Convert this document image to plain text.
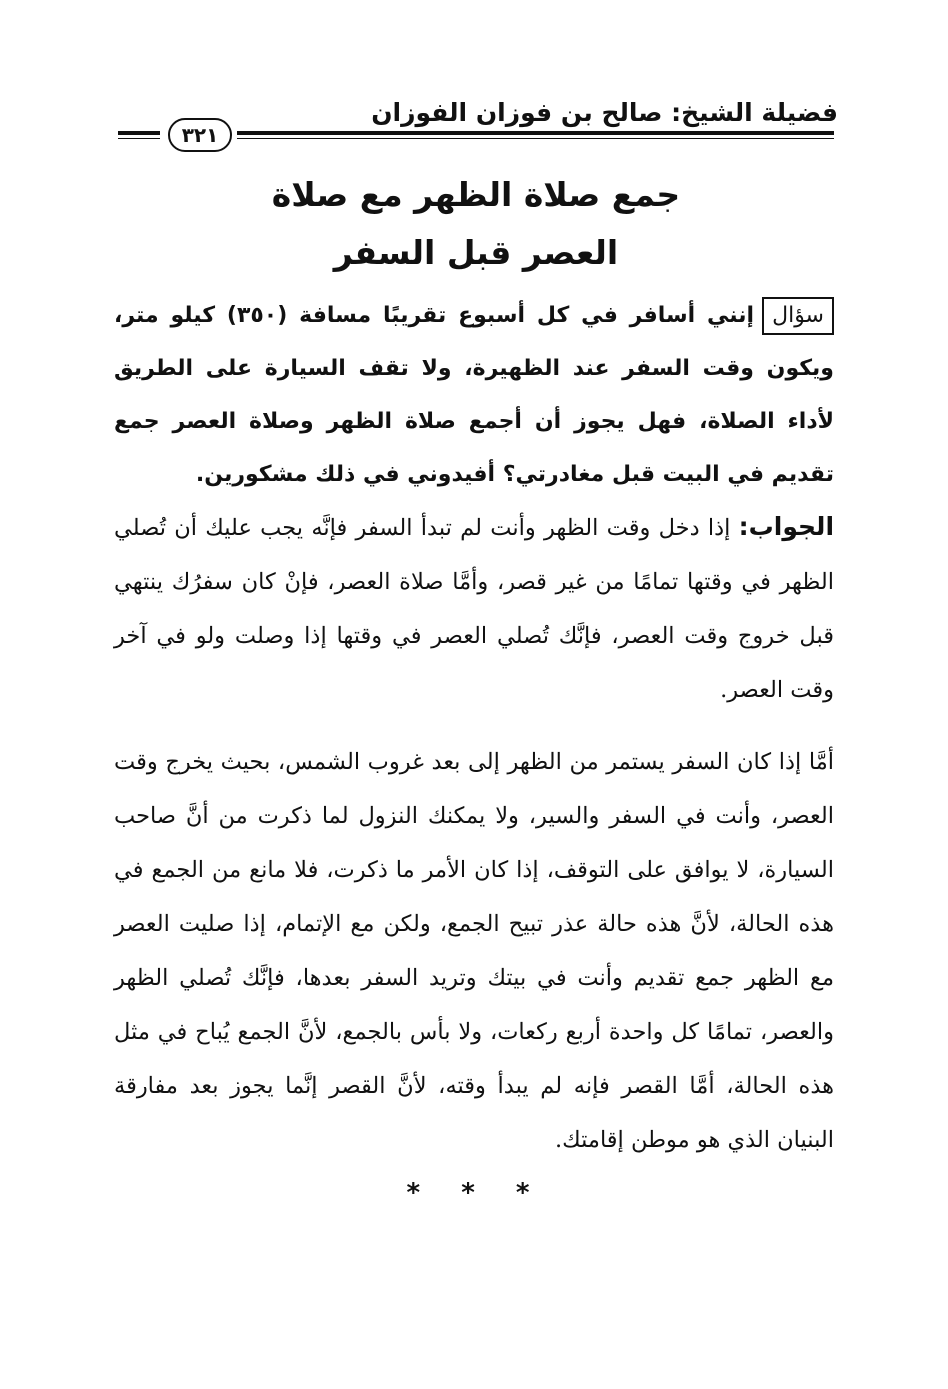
فضيلة الشيخ: صالح بن فوزان الفوزان
٣٢١
جمع صلاة الظهر مع صلاة
العصر قبل السفر
سؤالإنني أسافر في كل أسبوع تقريبًا مسافة (٣٥٠) كيلو متر، ويكون وقت السفر عند الظهيرة، ولا تقف السيارة على الطريق لأداء الصلاة، فهل يجوز أن أجمع صلاة الظهر وصلاة العصر جمع تقديم في البيت قبل مغادرتي؟ أفيدوني في ذلك مشكورين.

الجواب: إذا دخل وقت الظهر وأنت لم تبدأ السفر فإنَّه يجب عليك أن تُصلي الظهر في وقتها تمامًا من غير قصر، وأمَّا صلاة العصر، فإنْ كان سفرُك ينتهي قبل خروج وقت العصر، فإنَّك تُصلي العصر في وقتها إذا وصلت ولو في آخر وقت العصر.

أمَّا إذا كان السفر يستمر من الظهر إلى بعد غروب الشمس، بحيث يخرج وقت العصر، وأنت في السفر والسير، ولا يمكنك النزول لما ذكرت من أنَّ صاحب السيارة، لا يوافق على التوقف، إذا كان الأمر ما ذكرت، فلا مانع من الجمع في هذه الحالة، لأنَّ هذه حالة عذر تبيح الجمع، ولكن مع الإتمام، إذا صليت العصر مع الظهر جمع تقديم وأنت في بيتك وتريد السفر بعدها، فإنَّك تُصلي الظهر والعصر، تمامًا كل واحدة أربع ركعات، ولا بأس بالجمع، لأنَّ الجمع يُباح في مثل هذه الحالة، أمَّا القصر فإنه لم يبدأ وقته، لأنَّ القصر إنَّما يجوز بعد مفارقة البنيان الذي هو موطن إقامتك.

* * *
